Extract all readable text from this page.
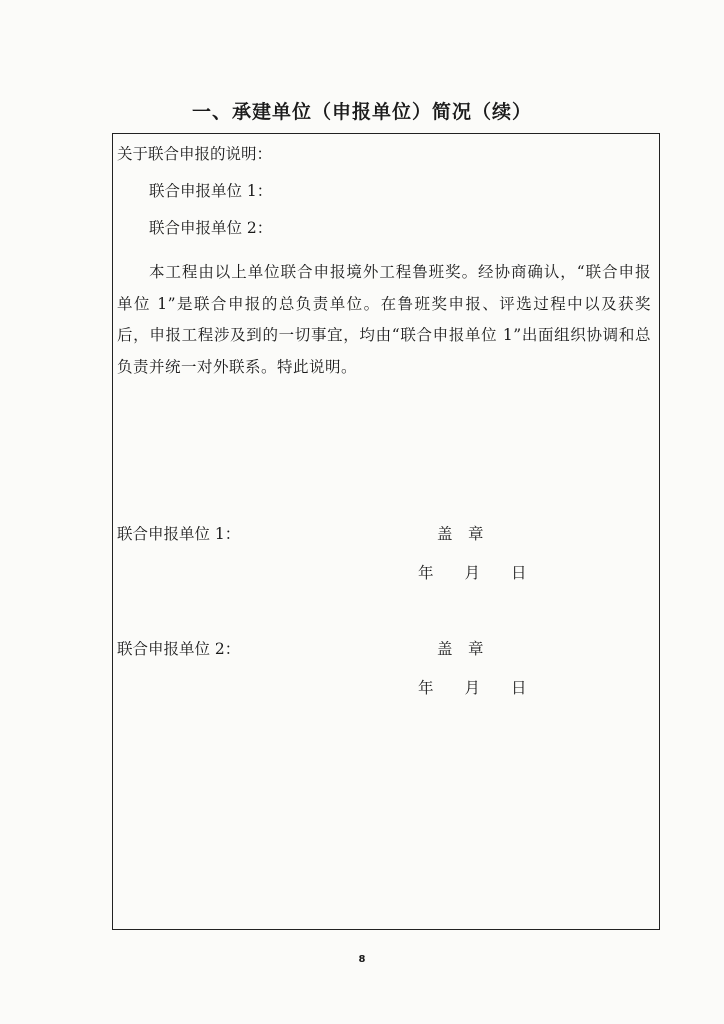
一、承建单位（申报单位）简况（续）
关于联合申报的说明：
联合申报单位 1：
联合申报单位 2：

本工程由以上单位联合申报境外工程鲁班奖。经协商确认，“联合申报单位 1”是联合申报的总负责单位。在鲁班奖申报、评选过程中以及获奖后，申报工程涉及到的一切事宜，均由“联合申报单位 1”出面组织协调和总负责并统一对外联系。特此说明。

联合申报单位 1：	盖　章
年　　月　　日
联合申报单位 2：	盖　章
年　　月　　日
8
